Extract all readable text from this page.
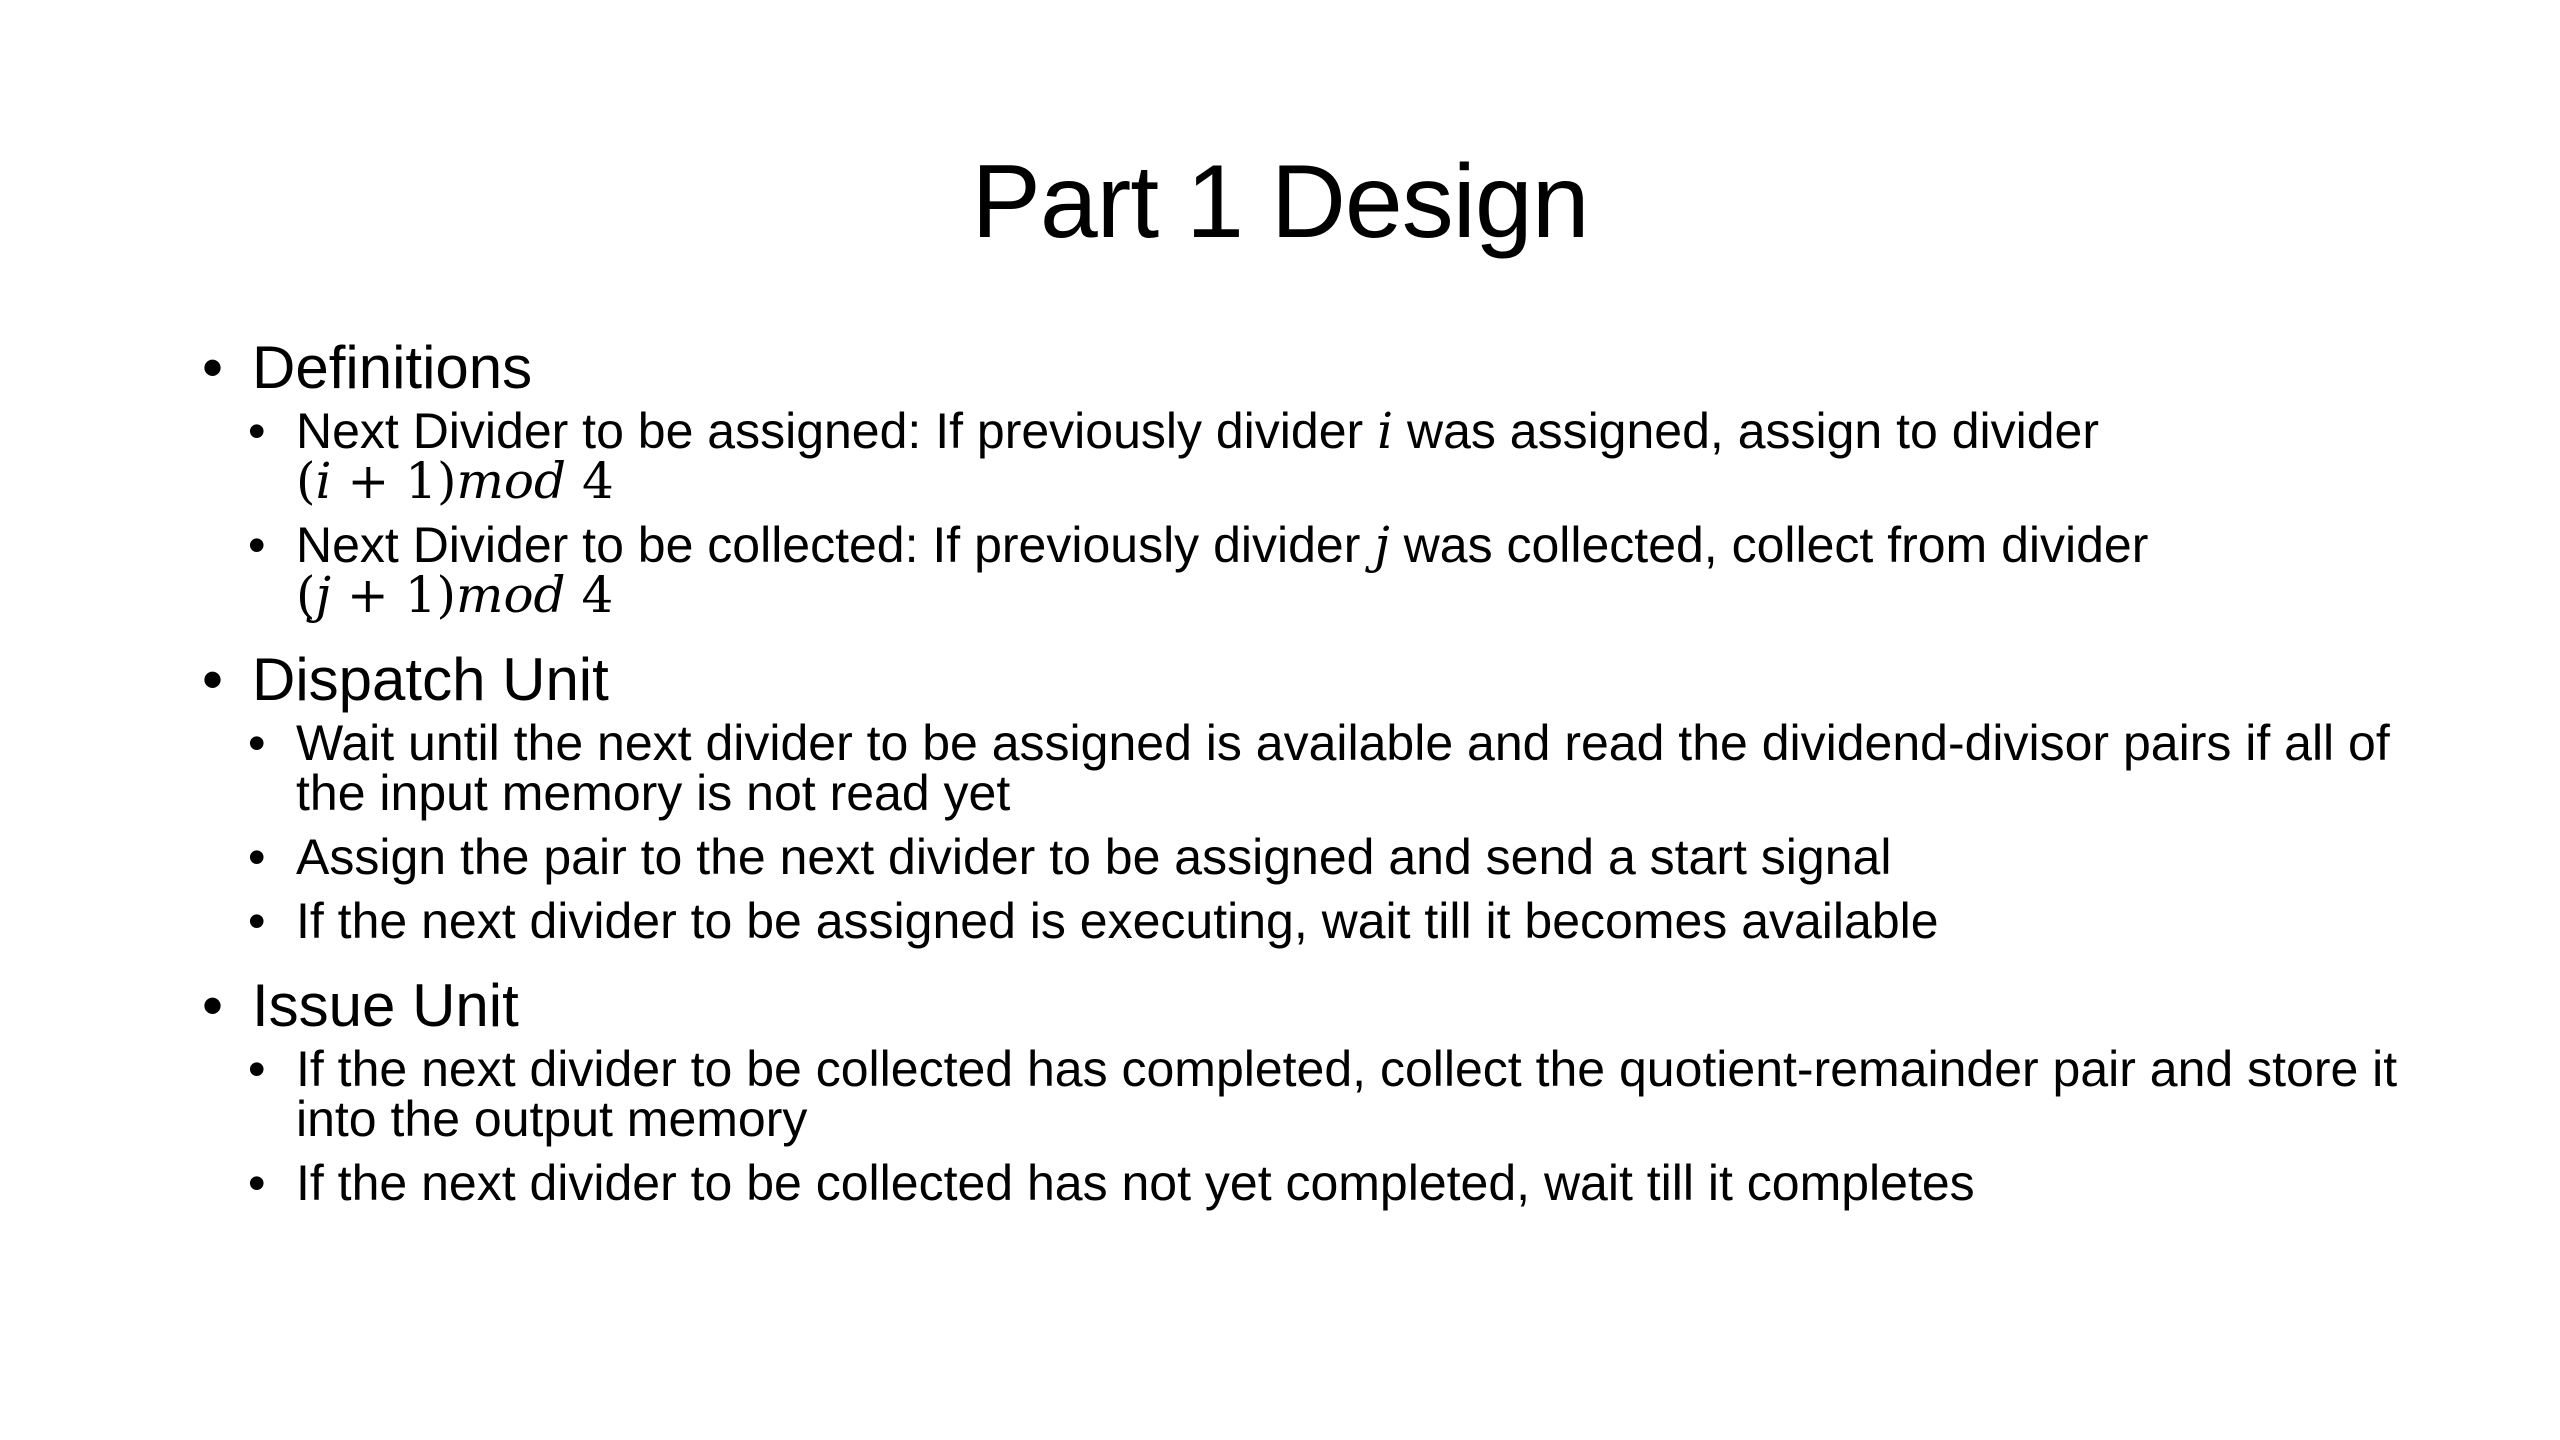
Part 1 Design
• Definitions
• Next Divider to be assigned: If previously divider i was assigned, assign to divider
(i + 1)mod 4
• Next Divider to be collected: If previously divider j was collected, collect from divider
(j + 1)mod 4
• Dispatch Unit
• Wait until the next divider to be assigned is available and read the dividend-divisor pairs if all of the input memory is not read yet
• Assign the pair to the next divider to be assigned and send a start signal
• If the next divider to be assigned is executing, wait till it becomes available
• Issue Unit
• If the next divider to be collected has completed, collect the quotient-remainder pair and store it into the output memory
• If the next divider to be collected has not yet completed, wait till it completes
